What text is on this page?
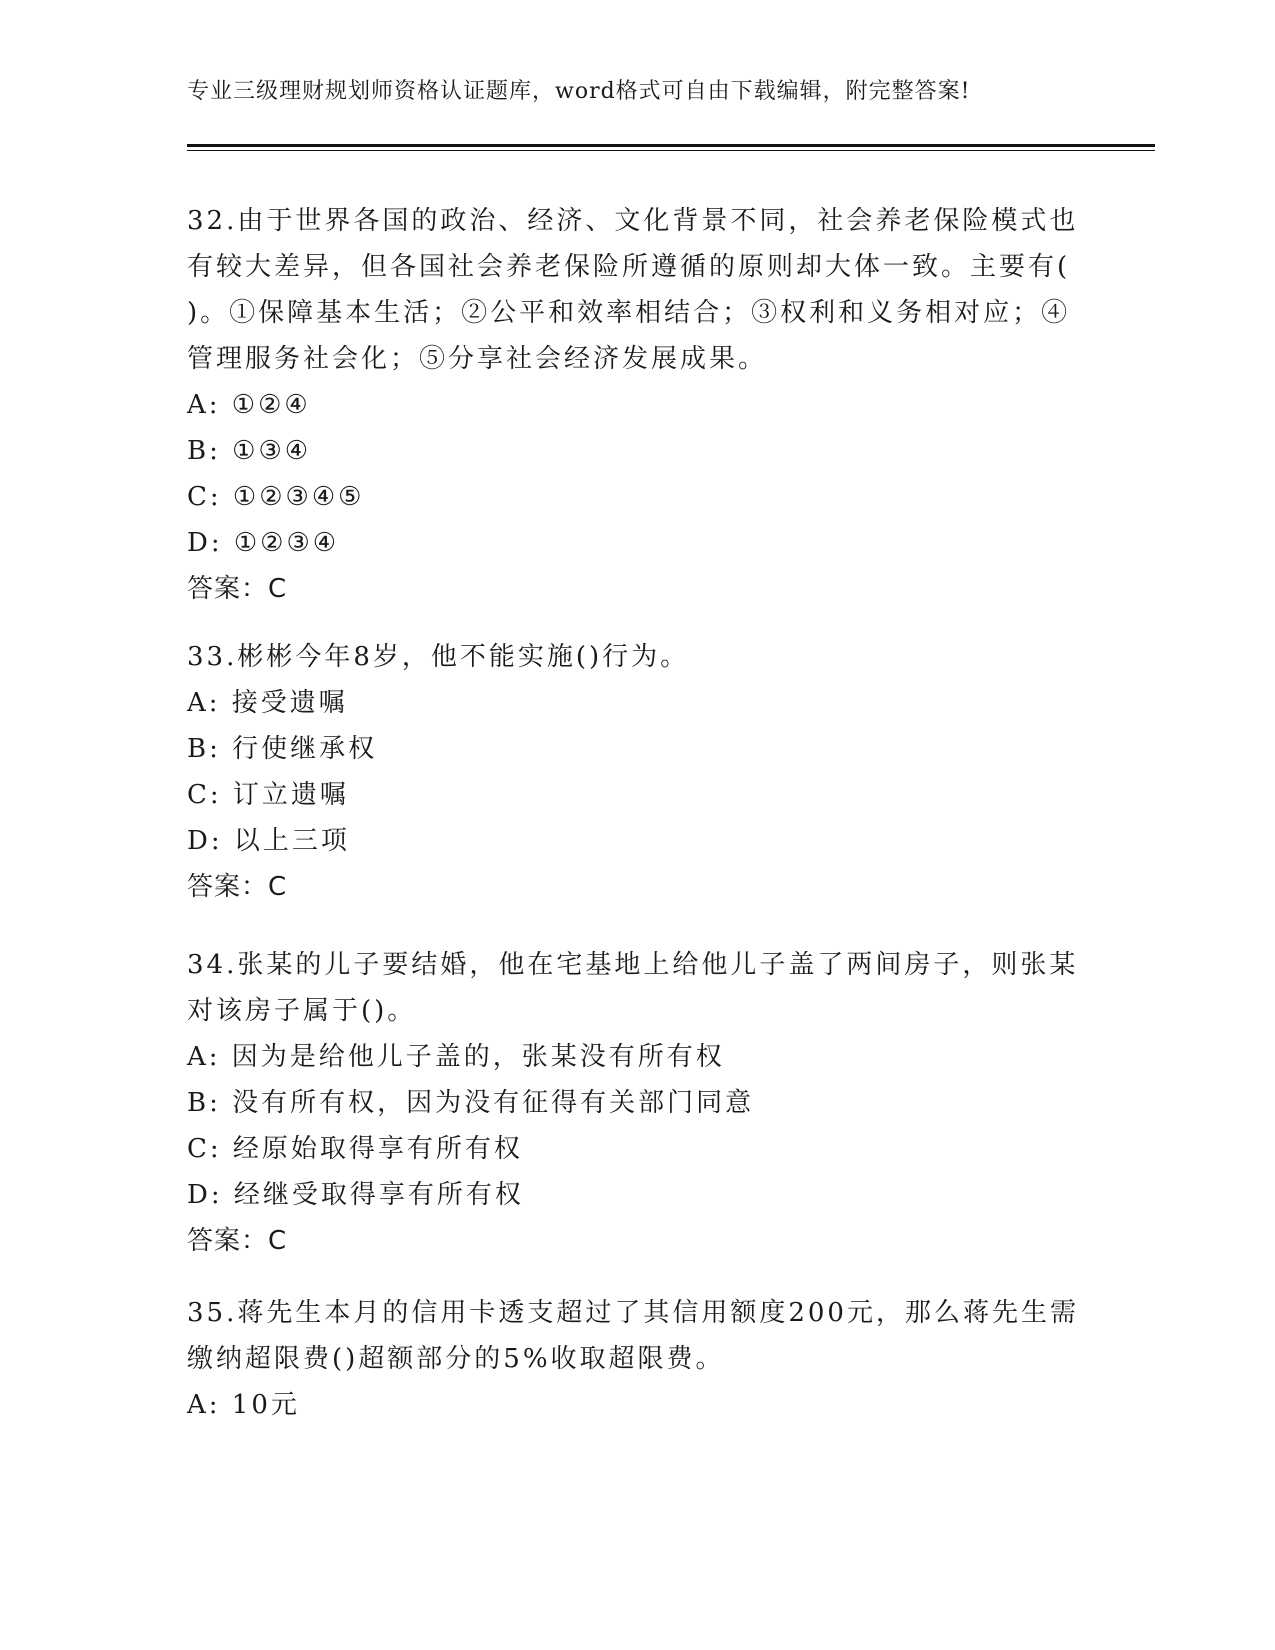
专业三级理财规划师资格认证题库，word格式可自由下载编辑，附完整答案!

32.由于世界各国的政治、经济、文化背景不同，社会养老保险模式也有较大差异，但各国社会养老保险所遵循的原则却大体一致。主要有( )。①保障基本生活；②公平和效率相结合；③权利和义务相对应；④管理服务社会化；⑤分享社会经济发展成果。

A: ①②④

B: ①③④

C: ①②③④⑤

D: ①②③④

答案：C

33.彬彬今年8岁，他不能实施()行为。

A: 接受遗嘱

B: 行使继承权

C: 订立遗嘱

D: 以上三项

答案：C

34.张某的儿子要结婚，他在宅基地上给他儿子盖了两间房子，则张某对该房子属于()。

A: 因为是给他儿子盖的，张某没有所有权

B: 没有所有权，因为没有征得有关部门同意

C: 经原始取得享有所有权

D: 经继受取得享有所有权

答案：C

35.蒋先生本月的信用卡透支超过了其信用额度200元，那么蒋先生需缴纳超限费()超额部分的5%收取超限费。

A: 10元
